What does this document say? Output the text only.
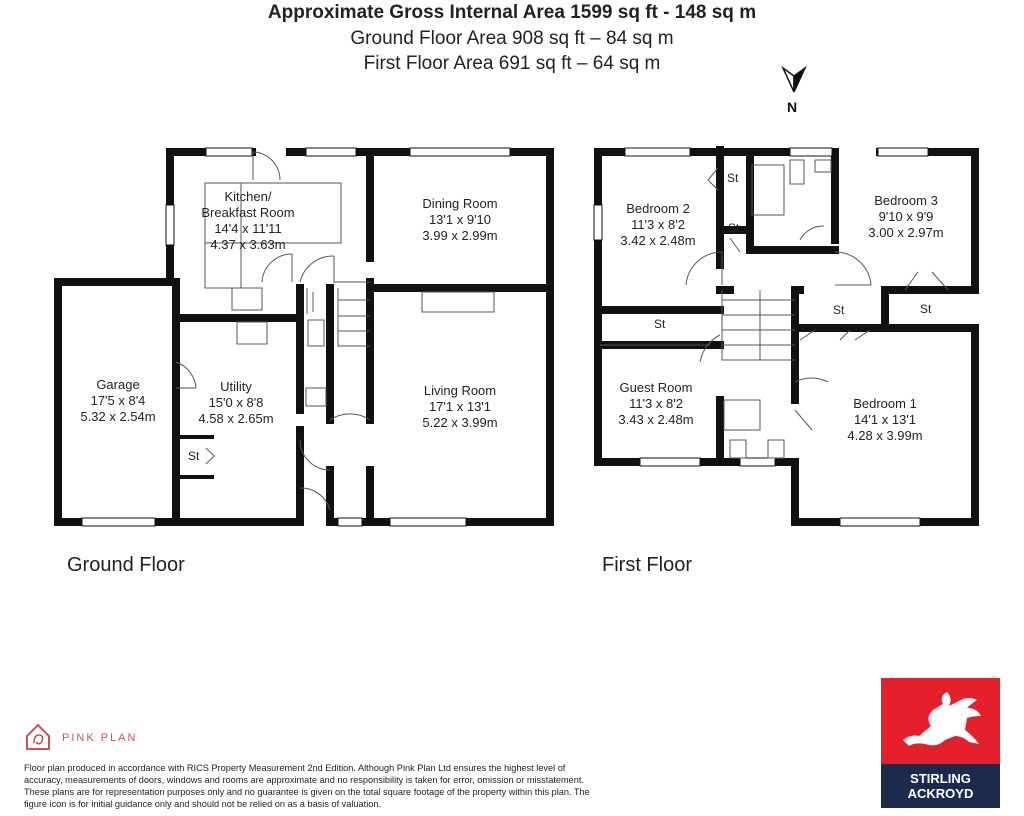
Approximate Gross Internal Area 1599 sq ft - 148 sq m
Ground Floor Area 908 sq ft – 84 sq m
First Floor Area 691 sq ft – 64 sq m
N
Kitchen/
Breakfast Room
14'4 x 11'11
4.37 x 3.63m
Dining Room
13'1 x 9'10
3.99 x 2.99m
Garage
17'5 x 8'4
5.32 x 2.54m
Utility
15'0 x 8'8
4.58 x 2.65m
Living Room
17'1 x 13'1
5.22 x 3.99m
St
Bedroom 2
11'3 x 8'2
3.42 x 2.48m
Bedroom 3
9'10 x 9'9
3.00 x 2.97m
Guest Room
11'3 x 8'2
3.43 x 2.48m
Bedroom 1
14'1 x 13'1
4.28 x 3.99m
St
St
St
St	St
Ground Floor	First Floor
PINK PLAN
Floor plan produced in accordance with RICS Property Measurement 2nd Edition. Although Pink Plan Ltd ensures the highest level of accuracy, measurements of doors, windows and rooms are approximate and no responsibility is taken for error, omission or misstatement. These plans are for representation purposes only and no guarantee is given on the total square footage of the property within this plan. The figure icon is for initial guidance only and should not be relied on as a basis of valuation.
STIRLING
ACKROYD
